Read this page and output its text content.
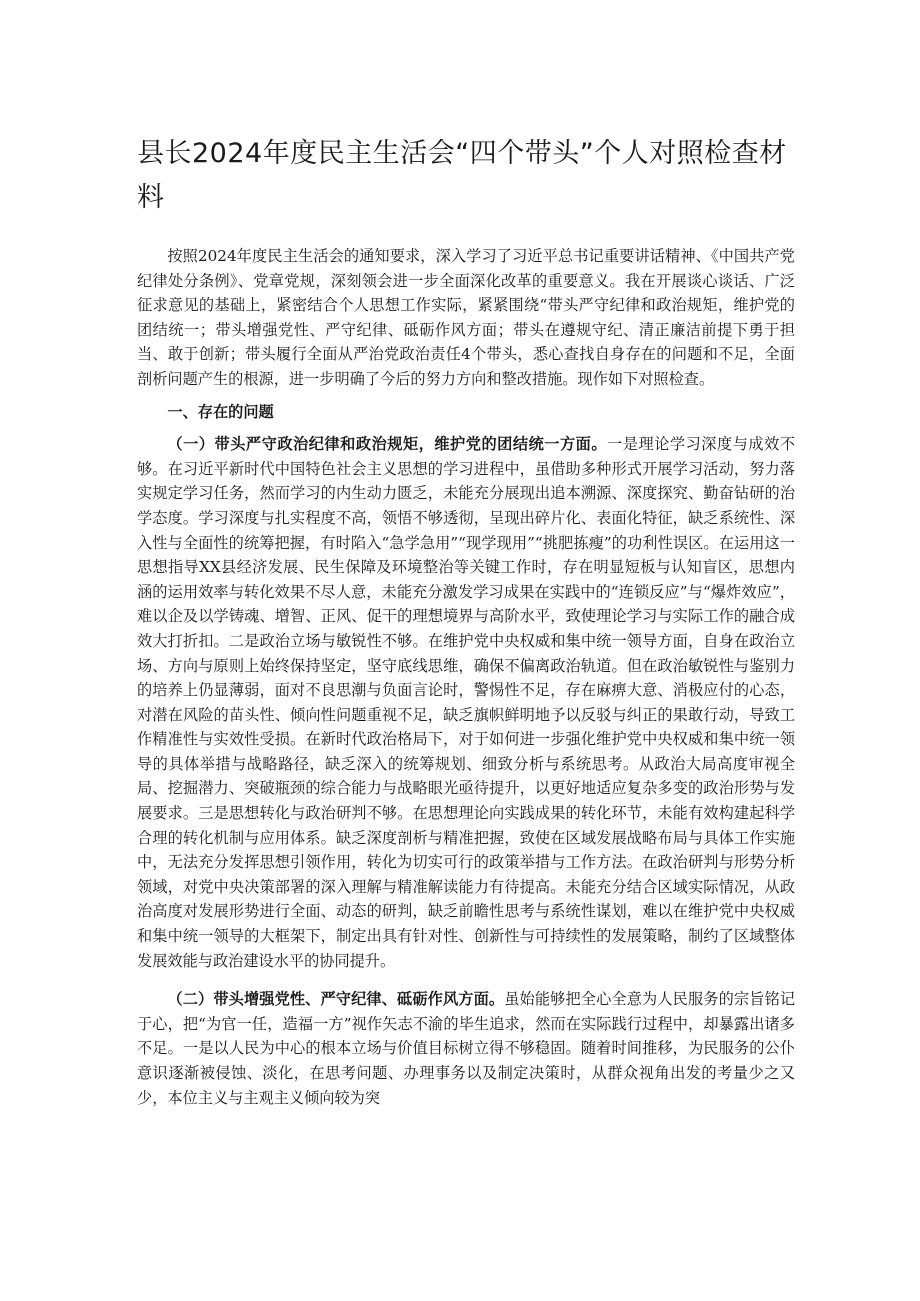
县长2024年度民主生活会“四个带头”个人对照检查材料

按照2024年度民主生活会的通知要求，深入学习了习近平总书记重要讲话精神、《中国共产党纪律处分条例》、党章党规，深刻领会进一步全面深化改革的重要意义。我在开展谈心谈话、广泛征求意见的基础上，紧密结合个人思想工作实际，紧紧围绕“带头严守纪律和政治规矩，维护党的团结统一；带头增强党性、严守纪律、砥砺作风方面；带头在遵规守纪、清正廉洁前提下勇于担当、敢于创新；带头履行全面从严治党政治责任4个带头，悉心查找自身存在的问题和不足，全面剖析问题产生的根源，进一步明确了今后的努力方向和整改措施。现作如下对照检查。

一、存在的问题

（一）带头严守政治纪律和政治规矩，维护党的团结统一方面。一是理论学习深度与成效不够。在习近平新时代中国特色社会主义思想的学习进程中，虽借助多种形式开展学习活动，努力落实规定学习任务，然而学习的内生动力匮乏，未能充分展现出追本溯源、深度探究、勤奋钻研的治学态度。学习深度与扎实程度不高，领悟不够透彻，呈现出碎片化、表面化特征，缺乏系统性、深入性与全面性的统筹把握，有时陷入“急学急用”“现学现用”“挑肥拣瘦”的功利性误区。在运用这一思想指导XX县经济发展、民生保障及环境整治等关键工作时，存在明显短板与认知盲区，思想内涵的运用效率与转化效果不尽人意，未能充分激发学习成果在实践中的“连锁反应”与“爆炸效应”，难以企及以学铸魂、增智、正风、促干的理想境界与高阶水平，致使理论学习与实际工作的融合成效大打折扣。二是政治立场与敏锐性不够。在维护党中央权威和集中统一领导方面，自身在政治立场、方向与原则上始终保持坚定，坚守底线思维，确保不偏离政治轨道。但在政治敏锐性与鉴别力的培养上仍显薄弱，面对不良思潮与负面言论时，警惕性不足，存在麻痹大意、消极应付的心态，对潜在风险的苗头性、倾向性问题重视不足，缺乏旗帜鲜明地予以反驳与纠正的果敢行动，导致工作精准性与实效性受损。在新时代政治格局下，对于如何进一步强化维护党中央权威和集中统一领导的具体举措与战略路径，缺乏深入的统筹规划、细致分析与系统思考。从政治大局高度审视全局、挖掘潜力、突破瓶颈的综合能力与战略眼光亟待提升，以更好地适应复杂多变的政治形势与发展要求。三是思想转化与政治研判不够。在思想理论向实践成果的转化环节，未能有效构建起科学合理的转化机制与应用体系。缺乏深度剖析与精准把握，致使在区域发展战略布局与具体工作实施中，无法充分发挥思想引领作用，转化为切实可行的政策举措与工作方法。在政治研判与形势分析领域，对党中央决策部署的深入理解与精准解读能力有待提高。未能充分结合区域实际情况，从政治高度对发展形势进行全面、动态的研判，缺乏前瞻性思考与系统性谋划，难以在维护党中央权威和集中统一领导的大框架下，制定出具有针对性、创新性与可持续性的发展策略，制约了区域整体发展效能与政治建设水平的协同提升。

（二）带头增强党性、严守纪律、砥砺作风方面。虽始能够把全心全意为人民服务的宗旨铭记于心，把“为官一任，造福一方”视作矢志不渝的毕生追求，然而在实际践行过程中，却暴露出诸多不足。一是以人民为中心的根本立场与价值目标树立得不够稳固。随着时间推移，为民服务的公仆意识逐渐被侵蚀、淡化，在思考问题、办理事务以及制定决策时，从群众视角出发的考量少之又少，本位主义与主观主义倾向较为突
